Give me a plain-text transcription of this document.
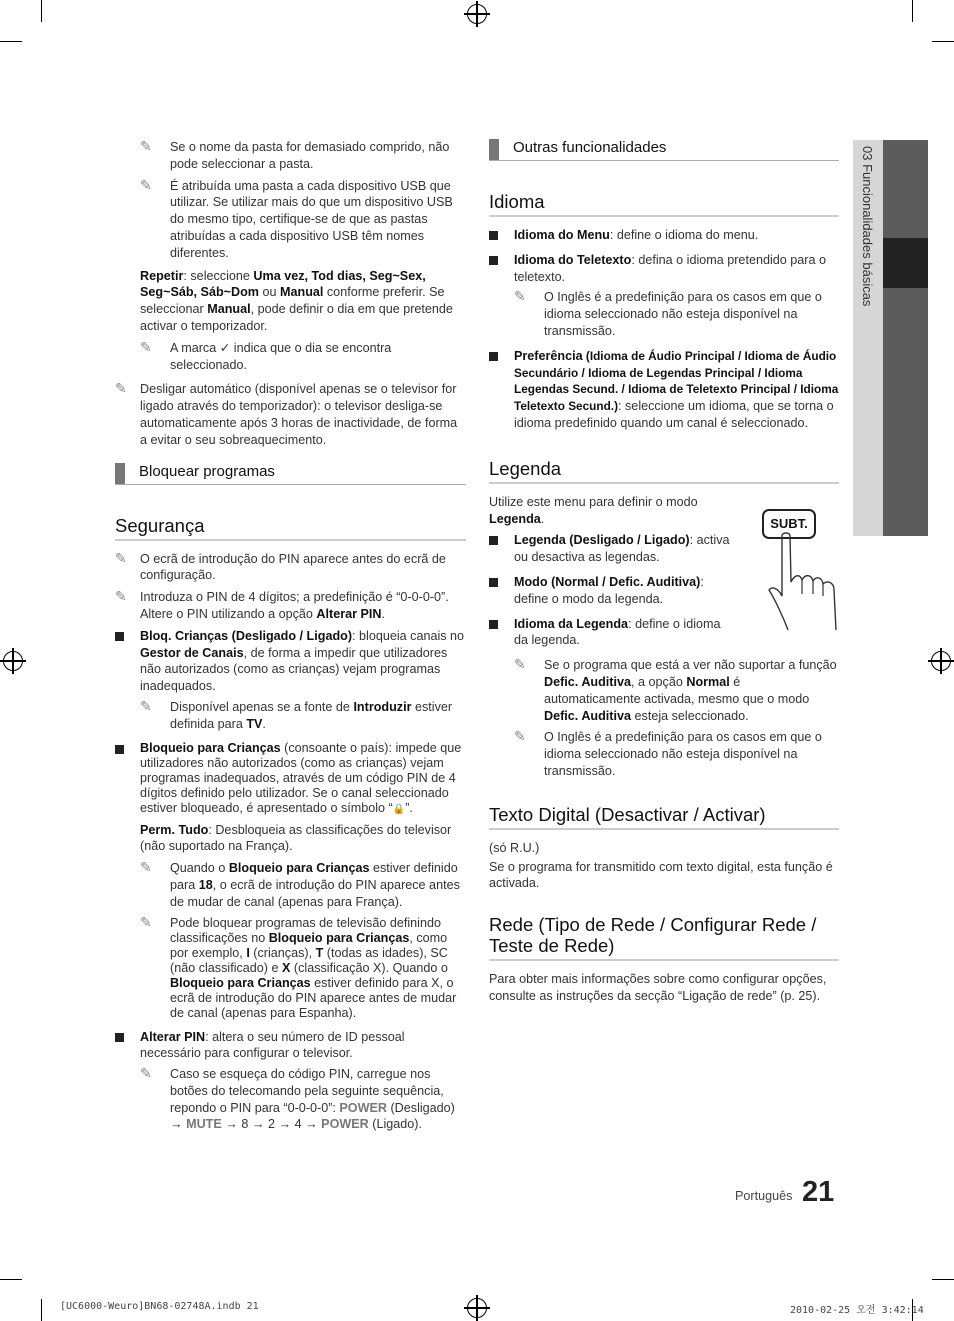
03 Funcionalidades básicas
✎ Se o nome da pasta for demasiado comprido, não pode seleccionar a pasta.
✎ É atribuída uma pasta a cada dispositivo USB que utilizar. Se utilizar mais do que um dispositivo USB do mesmo tipo, certifique-se de que as pastas atribuídas a cada dispositivo USB têm nomes diferentes.

Repetir: seleccione Uma vez, Tod dias, Seg~Sex, Seg~Sáb, Sáb~Dom ou Manual conforme preferir. Se seleccionar Manual, pode definir o dia em que pretende activar o temporizador.

✎ A marca ✓ indica que o dia se encontra seleccionado.
✎ Desligar automático (disponível apenas se o televisor for ligado através do temporizador): o televisor desliga-se automaticamente após 3 horas de inactividade, de forma a evitar o seu sobreaquecimento.
Bloquear programas
Segurança
✎ O ecrã de introdução do PIN aparece antes do ecrã de configuração.
✎ Introduza o PIN de 4 dígitos; a predefinição é “0-0-0-0”. Altere o PIN utilizando a opção Alterar PIN.
Bloq. Crianças (Desligado / Ligado): bloqueia canais no Gestor de Canais, de forma a impedir que utilizadores não autorizados (como as crianças) vejam programas inadequados.
✎ Disponível apenas se a fonte de Introduzir estiver definida para TV.
Bloqueio para Crianças (consoante o país): impede que utilizadores não autorizados (como as crianças) vejam programas inadequados, através de um código PIN de 4 dígitos definido pelo utilizador. Se o canal seleccionado estiver bloqueado, é apresentado o símbolo “🔒”.

Perm. Tudo: Desbloqueia as classificações do televisor (não suportado na França).

✎ Quando o Bloqueio para Crianças estiver definido para 18, o ecrã de introdução do PIN aparece antes de mudar de canal (apenas para França).
✎ Pode bloquear programas de televisão definindo classificações no Bloqueio para Crianças, como por exemplo, I (crianças), T (todas as idades), SC (não classificado) e X (classificação X). Quando o Bloqueio para Crianças estiver definido para X, o ecrã de introdução do PIN aparece antes de mudar de canal (apenas para Espanha).
Alterar PIN: altera o seu número de ID pessoal necessário para configurar o televisor.
✎ Caso se esqueça do código PIN, carregue nos botões do telecomando pela seguinte sequência, repondo o PIN para “0-0-0-0”: POWER (Desligado) → MUTE → 8 → 2 → 4 → POWER (Ligado).
Outras funcionalidades
Idioma
Idioma do Menu: define o idioma do menu.
Idioma do Teletexto: defina o idioma pretendido para o teletexto.
✎ O Inglês é a predefinição para os casos em que o idioma seleccionado não esteja disponível na transmissão.
Preferência (Idioma de Áudio Principal / Idioma de Áudio Secundário / Idioma de Legendas Principal / Idioma Legendas Secund. / Idioma de Teletexto Principal / Idioma Teletexto Secund.): seleccione um idioma, que se torna o idioma predefinido quando um canal é seleccionado.
Legenda

Utilize este menu para definir o modo Legenda.

Legenda (Desligado / Ligado): activa ou desactiva as legendas.
Modo (Normal / Defic. Auditiva): define o modo da legenda.
Idioma da Legenda: define o idioma da legenda.
✎ Se o programa que está a ver não suportar a função Defic. Auditiva, a opção Normal é automaticamente activada, mesmo que o modo Defic. Auditiva esteja seleccionado.
✎ O Inglês é a predefinição para os casos em que o idioma seleccionado não esteja disponível na transmissão.
Texto Digital (Desactivar / Activar)

(só R.U.)

Se o programa for transmitido com texto digital, esta função é activada.

Rede (Tipo de Rede / Configurar Rede / Teste de Rede)

Para obter mais informações sobre como configurar opções, consulte as instruções da secção “Ligação de rede” (p. 25).

SUBT.
Português 21
[UC6000-Weuro]BN68-02748A.indb 21	2010-02-25 오전 3:42:14
